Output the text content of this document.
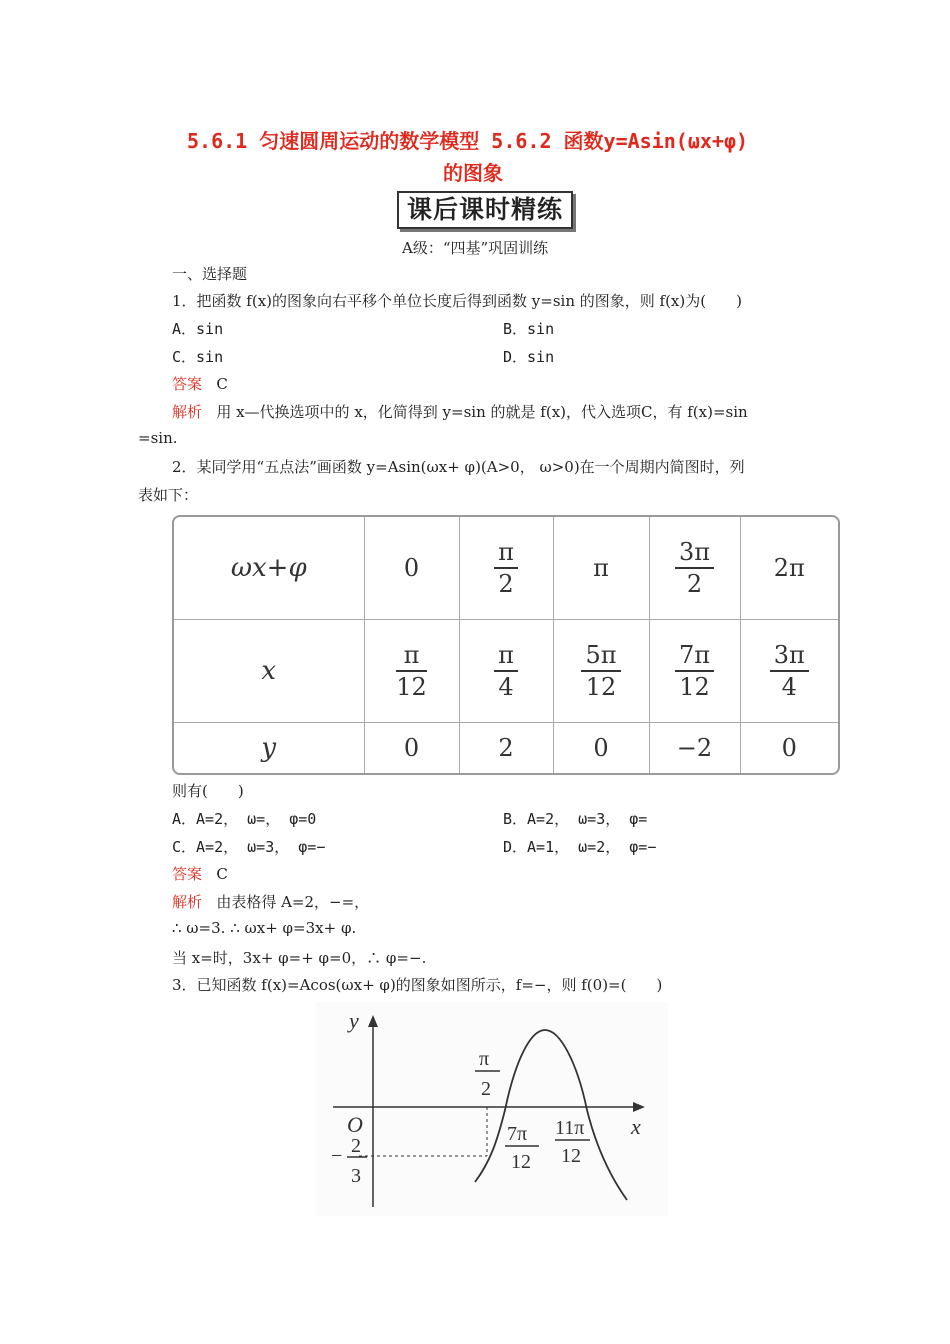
5.6.1 匀速圆周运动的数学模型 5.6.2 函数y=Asin(ωx+φ)
的图象
课后课时精练
A级：“四基”巩固训练
一、选择题
1．把函数 f(x)的图象向右平移个单位长度后得到函数 y=sin 的图象，则 f(x)为(　　)
A．sin	B．sin
C．sin	D．sin
答案 C
解析 用 x—代换选项中的 x，化简得到 y=sin 的就是 f(x)，代入选项C，有 f(x)=sin
=sin.
2．某同学用“五点法”画函数 y=Asin(ωx+ φ)(A>0， ω>0)在一个周期内简图时，列
表如下：
ωx+φ	0	$\frac{\pi}{2}$	π	$\frac{3\pi}{2}$	2π
x	$\frac{\pi}{12}$	$\frac{\pi}{4}$	$\frac{5\pi}{12}$	$\frac{7\pi}{12}$	$\frac{3\pi}{4}$

y	0	2	0	−2	0
则有(　　)
A．A=2， ω=， φ=0	B．A=2， ω=3， φ=
C．A=2， ω=3， φ=−	D．A=1， ω=2， φ=−
答案 C
解析 由表格得 A=2，−=，
∴ ω=3. ∴ ωx+ φ=3x+ φ.
当 x=时，3x+ φ=+ φ=0，∴ φ=−.
3．已知函数 f(x)=Acos(ωx+ φ)的图象如图所示，f=−，则 f(0)=(　　)
y
x
O
π
2
7π
12
11π
12
− 2
3
